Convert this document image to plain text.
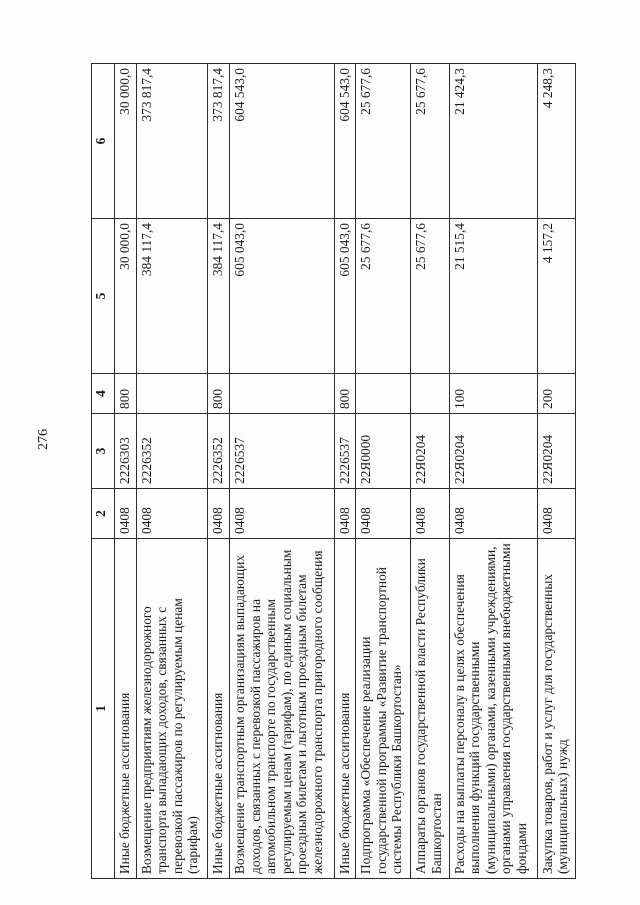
276
1	2	3	4	5	6
Иные бюджетные ассигнования	0408	2226303	800	30 000,0	30 000,0
Возмещение предприятиям железнодорожного транспорта выпадающих доходов, связанных с перевозкой пассажиров по регулируемым ценам (тарифам)	0408	2226352		384 117,4	373 817,4
Иные бюджетные ассигнования	0408	2226352	800	384 117,4	373 817,4
Возмещение транспортным организациям выпадающих доходов, связанных с перевозкой пассажиров на автомобильном транспорте по государственным регулируемым ценам (тарифам), по единым социальным проездным билетам и льготным проездным билетам железнодорожного транспорта пригородного сообщения	0408	2226537		605 043,0	604 543,0
Иные бюджетные ассигнования	0408	2226537	800	605 043,0	604 543,0
Подпрограмма «Обеспечение реализации государственной программы «Развитие транспортной системы Республики Башкортостан»	0408	22Я0000		25 677,6	25 677,6
Аппараты органов государственной власти Республики Башкортостан	0408	22Я0204		25 677,6	25 677,6
Расходы на выплаты персоналу в целях обеспечения выполнения функций государственными (муниципальными) органами, казенными учреждениями, органами управления государственными внебюджетными фондами	0408	22Я0204	100	21 515,4	21 424,3
Закупка товаров, работ и услуг для государственных (муниципальных) нужд	0408	22Я0204	200	4 157,2	4 248,3
